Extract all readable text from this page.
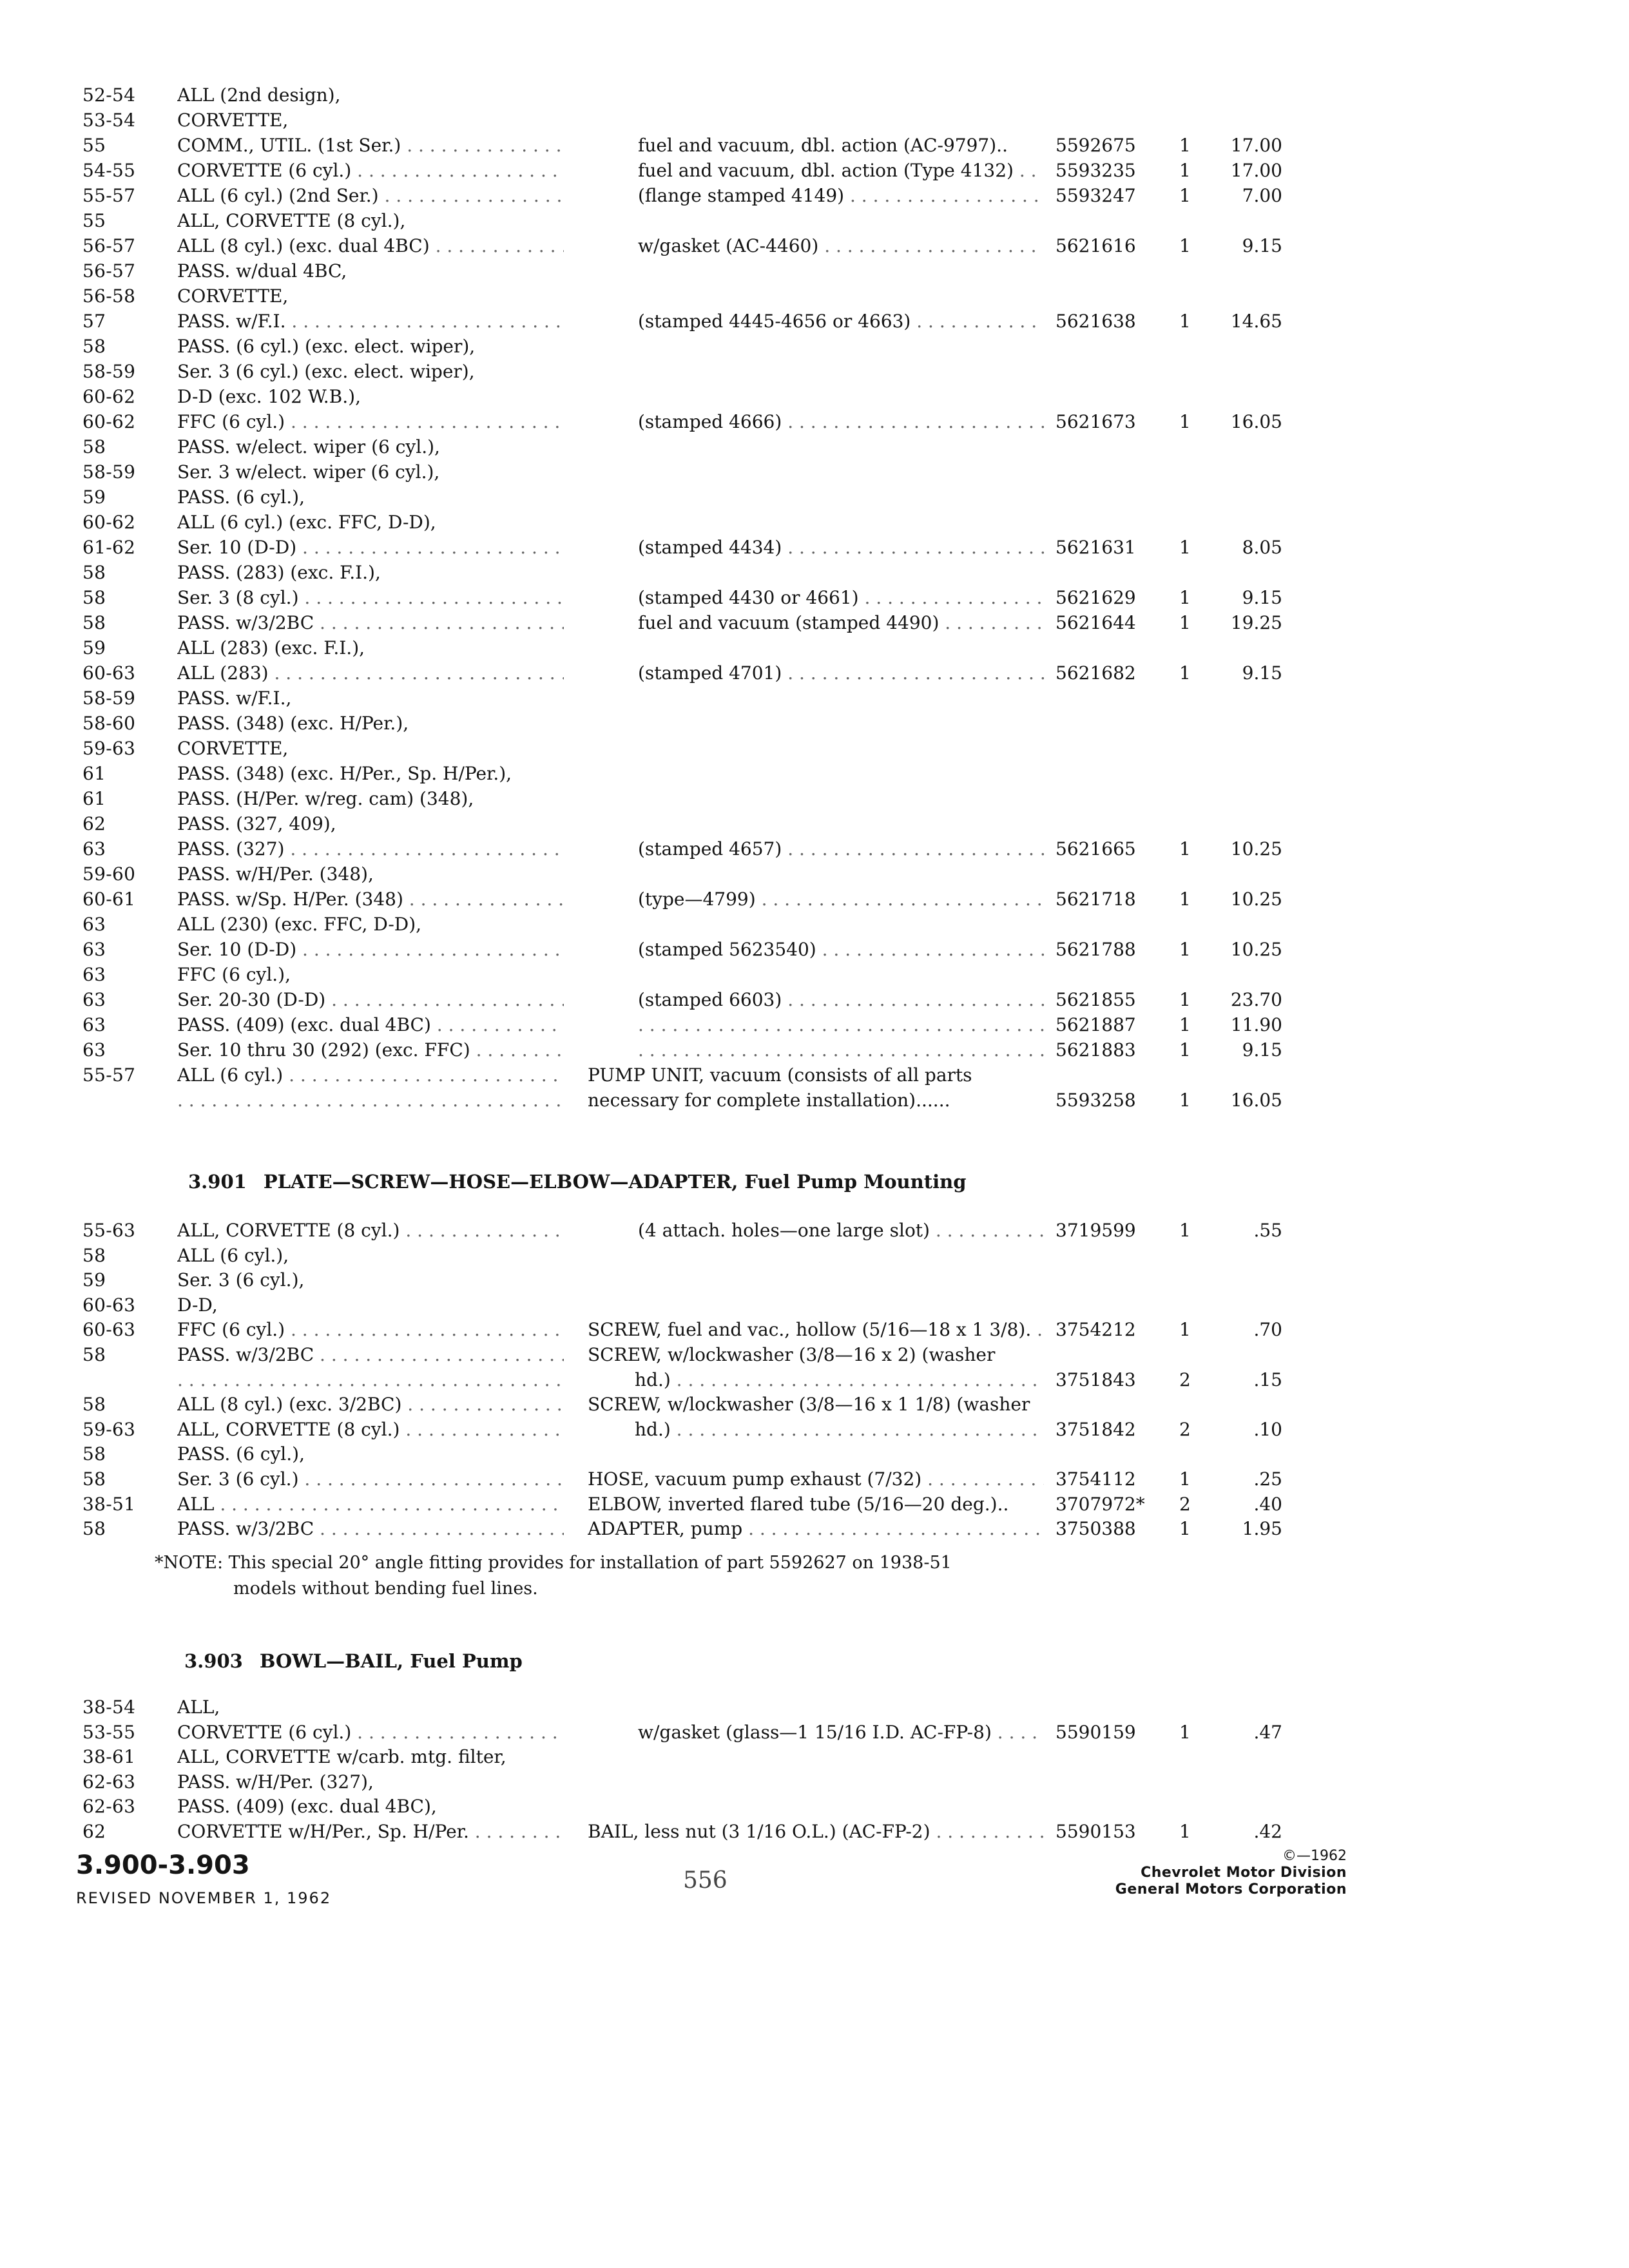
52-54 ALL (2nd design),
53-54 CORVETTE,
55	COMM., UTIL. (1st Ser.) . . .	fuel and vacuum, dbl. action (AC-9797)..	5592675 1	17.00
54-55 CORVETTE (6 cyl.) . . .	fuel and vacuum, dbl. action (Type 4132) . . .	5593235 1	17.00
55-57 ALL (6 cyl.) (2nd Ser.) . . .	(flange stamped 4149) . . .	5593247 1	7.00
55	ALL, CORVETTE (8 cyl.),
56-57 ALL (8 cyl.) (exc. dual 4BC) . . .	w/gasket (AC-4460) . . .	5621616 1	9.15
56-57 PASS. w/dual 4BC,
56-58 CORVETTE,
57	PASS. w/F.I. . . .	(stamped 4445-4656 or 4663) . . .	5621638 1	14.65
58	PASS. (6 cyl.) (exc. elect. wiper),
58-59 Ser. 3 (6 cyl.) (exc. elect. wiper),
60-62 D-D (exc. 102 W.B.),
60-62 FFC (6 cyl.) . . .	(stamped 4666) . . .	5621673 1	16.05
58	PASS. w/elect. wiper (6 cyl.),
58-59 Ser. 3 w/elect. wiper (6 cyl.),
59	PASS. (6 cyl.),
60-62 ALL (6 cyl.) (exc. FFC, D-D),
61-62 Ser. 10 (D-D) . . .	(stamped 4434) . . .	5621631 1	8.05
58	PASS. (283) (exc. F.I.),
58	Ser. 3 (8 cyl.) . . .	(stamped 4430 or 4661) . . .	5621629 1	9.15
58	PASS. w/3/2BC . . .	fuel and vacuum (stamped 4490) . . .	5621644 1	19.25
59	ALL (283) (exc. F.I.),
60-63 ALL (283) . . .	(stamped 4701) . . .	5621682 1	9.15
58-59 PASS. w/F.I.,
58-60 PASS. (348) (exc. H/Per.),
59-63 CORVETTE,
61	PASS. (348) (exc. H/Per., Sp. H/Per.),
61	PASS. (H/Per. w/reg. cam) (348),
62	PASS. (327, 409),
63	PASS. (327) . . .	(stamped 4657) . . .	5621665 1	10.25
59-60 PASS. w/H/Per. (348),
60-61 PASS. w/Sp. H/Per. (348) . . .	(type—4799) . . .	5621718 1	10.25
63	ALL (230) (exc. FFC, D-D),
63	Ser. 10 (D-D) . . .	(stamped 5623540) . . .	5621788 1	10.25
63	FFC (6 cyl.),
63	Ser. 20-30 (D-D) . . .	(stamped 6603) . . .	5621855 1	23.70
63	PASS. (409) (exc. dual 4BC) . . . . . .	5621887 1	11.90
63	Ser. 10 thru 30 (292) (exc. FFC) . . . . . .	5621883 1	9.15
55-57 ALL (6 cyl.) . . .	PUMP UNIT, vacuum (consists of all parts
. . .
necessary for complete installation)......	5593258 1	16.05
3.901 PLATE—SCREW—HOSE—ELBOW—ADAPTER, Fuel Pump Mounting
55-63 ALL, CORVETTE (8 cyl.) . . .	(4 attach. holes—one large slot) . . .	3719599 1	.55
58	ALL (6 cyl.),
59	Ser. 3 (6 cyl.),
60-63 D-D,
60-63 FFC (6 cyl.) . . .	SCREW, fuel and vac., hollow (5/16—18 x 1 3/8). . . .	3754212 1	.70
58	PASS. w/3/2BC . . .	SCREW, w/lockwasher (3/8—16 x 2) (washer
. . .
hd.) . . .	3751843 2	.15
58	ALL (8 cyl.) (exc. 3/2BC) . . .	SCREW, w/lockwasher (3/8—16 x 1 1/8) (washer
59-63 ALL, CORVETTE (8 cyl.) . . .	hd.) . . .	3751842 2	.10
58	PASS. (6 cyl.),
58	Ser. 3 (6 cyl.) . . .	HOSE, vacuum pump exhaust (7/32) . . .	3754112 1	.25
38-51 ALL . . .	ELBOW, inverted flared tube (5/16—20 deg.)..	3707972* 2	.40
58	PASS. w/3/2BC . . .	ADAPTER, pump . . .	3750388 1	1.95
*NOTE: This special 20° angle fitting provides for installation of part 5592627 on 1938-51
models without bending fuel lines.
3.903 BOWL—BAIL, Fuel Pump
38-54 ALL,
53-55 CORVETTE (6 cyl.) . . .	w/gasket (glass—1 15/16 I.D. AC-FP-8) . . .	5590159 1	.47
38-61 ALL, CORVETTE w/carb. mtg. filter,
62-63 PASS. w/H/Per. (327),
62-63 PASS. (409) (exc. dual 4BC),
62	CORVETTE w/H/Per., Sp. H/Per. . . .	BAIL, less nut (3 1/16 O.L.) (AC-FP-2) . . .	5590153 1	.42
3.900-3.903
REVISED NOVEMBER 1, 1962
556
©—1962
Chevrolet Motor Division
General Motors Corporation
